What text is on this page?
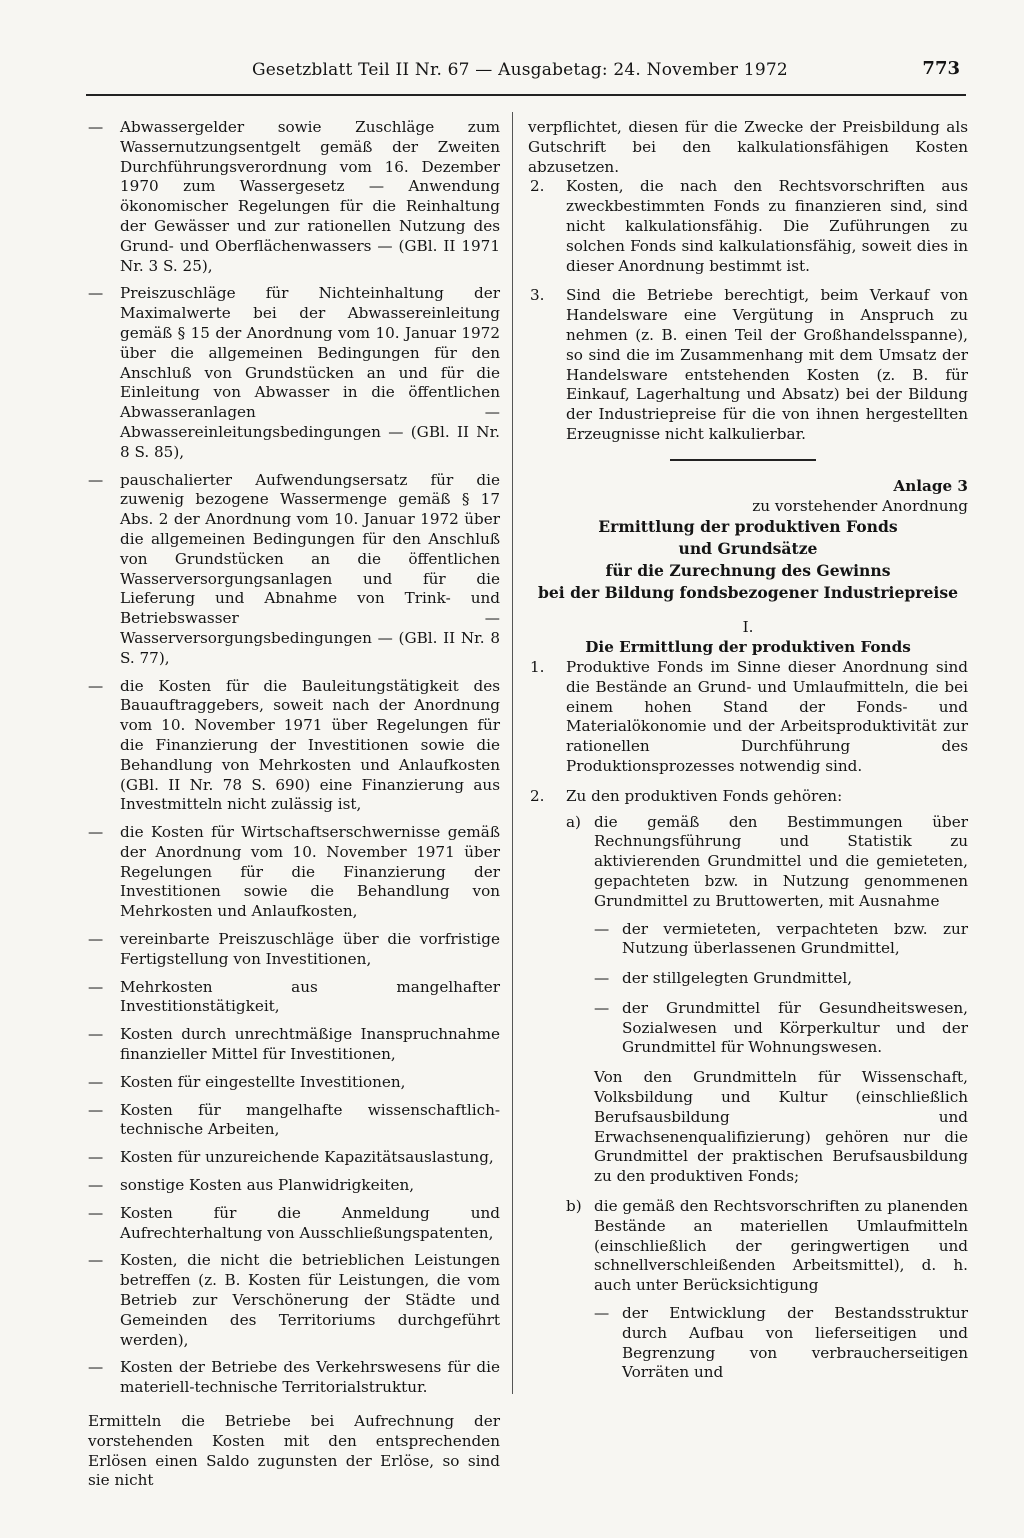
Gesetzblatt Teil II Nr. 67 — Ausgabetag: 24. November 1972	773
— Abwassergelder sowie Zuschläge zum Wassernutzungsentgelt gemäß der Zweiten Durchführungsverordnung vom 16. Dezember 1970 zum Wassergesetz — Anwendung ökonomischer Regelungen für die Reinhaltung der Gewässer und zur rationellen Nutzung des Grund- und Oberflächenwassers — (GBl. II 1971 Nr. 3 S. 25),
— Preiszuschläge für Nichteinhaltung der Maximalwerte bei der Abwassereinleitung gemäß § 15 der Anordnung vom 10. Januar 1972 über die allgemeinen Bedingungen für den Anschluß von Grundstücken an und für die Einleitung von Abwasser in die öffentlichen Abwasseranlagen — Abwassereinleitungsbedingungen — (GBl. II Nr. 8 S. 85),
— pauschalierter Aufwendungsersatz für die zuwenig bezogene Wassermenge gemäß § 17 Abs. 2 der Anordnung vom 10. Januar 1972 über die allgemeinen Bedingungen für den Anschluß von Grundstücken an die öffentlichen Wasserversorgungsanlagen und für die Lieferung und Abnahme von Trink- und Betriebswasser — Wasserversorgungsbedingungen — (GBl. II Nr. 8 S. 77),
— die Kosten für die Bauleitungstätigkeit des Bauauftraggebers, soweit nach der Anordnung vom 10. November 1971 über Regelungen für die Finanzierung der Investitionen sowie die Behandlung von Mehrkosten und Anlaufkosten (GBl. II Nr. 78 S. 690) eine Finanzierung aus Investmitteln nicht zulässig ist,
— die Kosten für Wirtschaftserschwernisse gemäß der Anordnung vom 10. November 1971 über Regelungen für die Finanzierung der Investitionen sowie die Behandlung von Mehrkosten und Anlaufkosten,
— vereinbarte Preiszuschläge über die vorfristige Fertigstellung von Investitionen,
— Mehrkosten aus mangelhafter Investitionstätigkeit,
— Kosten durch unrechtmäßige Inanspruchnahme finanzieller Mittel für Investitionen,
— Kosten für eingestellte Investitionen,
— Kosten für mangelhafte wissenschaftlich-technische Arbeiten,
— Kosten für unzureichende Kapazitätsauslastung,
— sonstige Kosten aus Planwidrigkeiten,
— Kosten für die Anmeldung und Aufrechterhaltung von Ausschließungspatenten,
— Kosten, die nicht die betrieblichen Leistungen betreffen (z. B. Kosten für Leistungen, die vom Betrieb zur Verschönerung der Städte und Gemeinden des Territoriums durchgeführt werden),
— Kosten der Betriebe des Verkehrswesens für die materiell-technische Territorialstruktur.

Ermitteln die Betriebe bei Aufrechnung der vorstehenden Kosten mit den entsprechenden Erlösen einen Saldo zugunsten der Erlöse, so sind sie nicht

verpflichtet, diesen für die Zwecke der Preisbildung als Gutschrift bei den kalkulationsfähigen Kosten abzusetzen.

2. Kosten, die nach den Rechtsvorschriften aus zweckbestimmten Fonds zu finanzieren sind, sind nicht kalkulationsfähig. Die Zuführungen zu solchen Fonds sind kalkulationsfähig, soweit dies in dieser Anordnung bestimmt ist.
3. Sind die Betriebe berechtigt, beim Verkauf von Handelsware eine Vergütung in Anspruch zu nehmen (z. B. einen Teil der Großhandelsspanne), so sind die im Zusammenhang mit dem Umsatz der Handelsware entstehenden Kosten (z. B. für Einkauf, Lagerhaltung und Absatz) bei der Bildung der Industriepreise für die von ihnen hergestellten Erzeugnisse nicht kalkulierbar.

Anlage 3

zu vorstehender Anordnung

Ermittlung der produktiven Fonds
und Grundsätze
für die Zurechnung des Gewinns
bei der Bildung fondsbezogener Industriepreise

I.

Die Ermittlung der produktiven Fonds

1. Produktive Fonds im Sinne dieser Anordnung sind die Bestände an Grund- und Umlaufmitteln, die bei einem hohen Stand der Fonds- und Materialökonomie und der Arbeitsproduktivität zur rationellen Durchführung des Produktionsprozesses notwendig sind.
2. Zu den produktiven Fonds gehören:
a) die gemäß den Bestimmungen über Rechnungsführung und Statistik zu aktivierenden Grundmittel und die gemieteten, gepachteten bzw. in Nutzung genommenen Grundmittel zu Bruttowerten, mit Ausnahme
— der vermieteten, verpachteten bzw. zur Nutzung überlassenen Grundmittel,
— der stillgelegten Grundmittel,
— der Grundmittel für Gesundheitswesen, Sozialwesen und Körperkultur und der Grundmittel für Wohnungswesen.

Von den Grundmitteln für Wissenschaft, Volksbildung und Kultur (einschließlich Berufsausbildung und Erwachsenenqualifizierung) gehören nur die Grundmittel der praktischen Berufsausbildung zu den produktiven Fonds;

b) die gemäß den Rechtsvorschriften zu planenden Bestände an materiellen Umlaufmitteln (einschließlich der geringwertigen und schnellverschleißenden Arbeitsmittel), d. h. auch unter Berücksichtigung
— der Entwicklung der Bestandsstruktur durch Aufbau von lieferseitigen und Begrenzung von verbraucherseitigen Vorräten und
